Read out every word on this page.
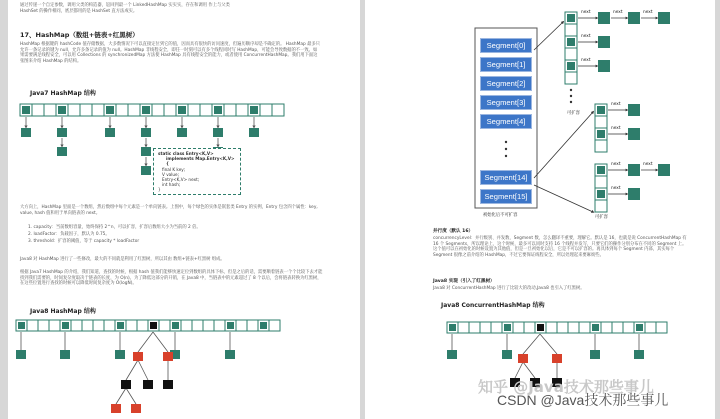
通过传递一个自定参数，调用父类的构造器，返回到最一个 LinkedHashMap 实实实，存在和调用 作上与父类 HashSet 的操作相同，底层都用的是 HashSet 直方法成实。
17、HashMap（数组+链表+红黑树）
HashMap 根据键的 hashCode 值存储数据，大多数情况下可以直接定位到它的值，因而具有很快的访问速度，但遍历顺序却是不确定的。 HashMap 最多只允许一条记录的键为 null，允许多条记录的值为 null。HashMap 非线程安全，即任一时刻可以有多个线程同时写 HashMap，可能会导致数据的不一致。如果需要满足线程安全，可以用 Collections 的 synchronizedMap 方法使 HashMap 具有线程安全的能力，或者使用 ConcurrentHashMap。我们用下面这张图来介绍 HashMap 的结构。
Java7 HashMap 结构
static class Entry<K,V>
implements Map.Entry<K,V> {
final K key;
V value;
Entry<K,V> next;
int hash;
}
大方向上，HashMap 里面是一个数组，然后数组中每个元素是一个单向链表。上图中，每个绿色的实体是嵌套类 Entry 的实例，Entry 包含四个属性：key, value, hash 值和用于单向链表的 next。
1. capacity：当前数组容量，始终保持 2^n，可以扩容，扩容后数组大小为当前的 2 倍。
2. loadFactor：负载因子，默认为 0.75。
3. threshold：扩容的阈值，等于 capacity * loadFactor
Java8 对 HashMap 进行了一些修改，最大的不同就是利用了红黑树，所以其由 数组+链表+红黑树 组成。
根据 Java7 HashMap 的介绍，我们知道，查找的时候，根据 hash 值我们能够快速定位到数组的具体下标，但是之后的话，需要顺着链表一个个比较下去才能找到我们需要的，时间复杂度取决于链表的长度，为 O(n)。为了降低这部分的开销，在 Java8 中，当链表中的元素超过了 8 个以后，会将链表转换为红黑树，在这些位置进行查找的时候可以降低时间复杂度为 O(logN)。
Java8 HashMap 结构
Segment[0]
Segment[1]
Segment[2]
Segment[3]
Segment[4]
Segment[14]
Segment[15]
next	next	next
next
next
next
next
next	next
next
初始化后不可扩容
可扩容
可扩容
并行度（默认 16）
concurrencyLevel：并行级别、并发数、Segment 数，怎么翻译不重要，理解它。默认是 16，也就是说 ConcurrentHashMap 有 16 个 Segments，所以理论上，这个时候，最多可以同时支持 16 个线程并发写，只要它们的操作分别分布在不同的 Segment 上。这个值可以在初始化的时候设置为其他值，但是一旦初始化以后，它是不可以扩容的。再具体到每个 Segment 内部，其实每个 Segment 很像之前介绍的 HashMap，不过它要保证线程安全，所以处理起来要麻烦些。
Java8 实现（引入了红黑树）
Java8 对 ConcurrentHashMap 进行了比较大的改动,Java8 也引入了红黑树。
Java8 ConcurrentHashMap 结构
知乎 @Java技术那些事儿
CSDN @Java技术那些事儿
